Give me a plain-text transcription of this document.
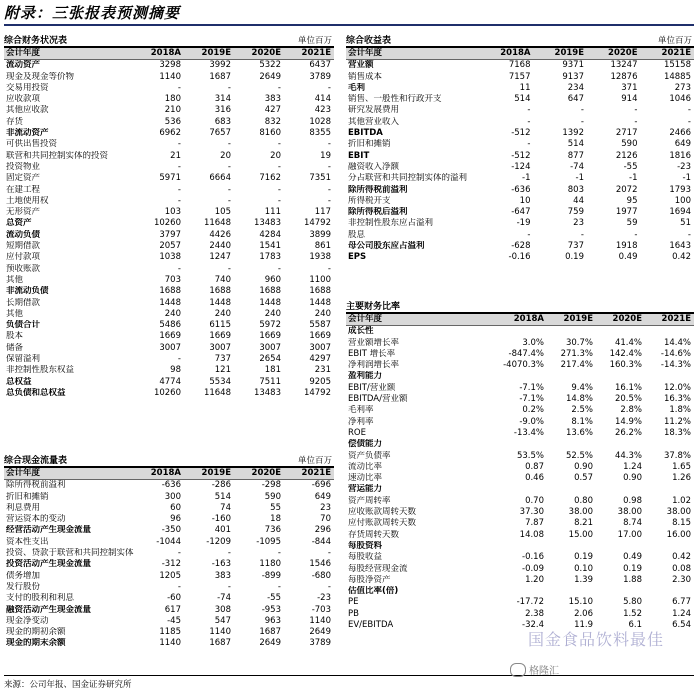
附录：三张报表预测摘要
综合财务状况表	单位百万
会计年度	2018A	2019E	2020E	2021E
流动资产	3298	3992	5322	6437
现金及现金等价物	1140	1687	2649	3789
交易用投资	-	-	-	-
应收款项	180	314	383	414
其他应收款	210	316	427	423
存货	536	683	832	1028
非流动资产	6962	7657	8160	8355
可供出售投资	-	-	-	-
联营和共同控制实体的投资	21	20	20	19
投资物业	-	-	-	-
固定资产	5971	6664	7162	7351
在建工程	-	-	-	-
土地使用权	-	-	-	-
无形资产	103	105	111	117
总资产	10260	11648	13483	14792
流动负债	3797	4426	4284	3899
短期借款	2057	2440	1541	861
应付款项	1038	1247	1783	1938
预收账款	-	-	-	-
其他	703	740	960	1100
非流动负债	1688	1688	1688	1688
长期借款	1448	1448	1448	1448
其他	240	240	240	240
负债合计	5486	6115	5972	5587
股本	1669	1669	1669	1669
储备	3007	3007	3007	3007
保留溢利	-	737	2654	4297
非控制性股东权益	98	121	181	231
总权益	4774	5534	7511	9205
总负债和总权益	10260	11648	13483	14792
综合现金流量表	单位百万
会计年度	2018A	2019E	2020E	2021E
除所得税前溢利	-636	-286	-298	-696
折旧和摊销	300	514	590	649
利息费用	60	74	55	23
营运资本的变动	96	-160	18	70
经营活动产生现金流量	-350	401	736	296
资本性支出	-1044	-1209	-1095	-844
投资、贷款于联营和共同控制实体	-	-	-	-
投资活动产生现金流量	-312	-163	1180	1546
债务增加	1205	383	-899	-680
发行股份	-	-	-	-
支付的股利和利息	-60	-74	-55	-23
融资活动产生现金流量	617	308	-953	-703
现金净变动	-45	547	963	1140
现金的期初余额	1185	1140	1687	2649
现金的期末余额	1140	1687	2649	3789
综合收益表	单位百万
会计年度	2018A	2019E	2020E	2021E
营业额	7168	9371	13247	15158
销售成本	7157	9137	12876	14885
毛利	11	234	371	273
销售、一般性和行政开支	514	647	914	1046
研究发展费用	-	-	-	-
其他营业收入	-	-	-	-
EBITDA	-512	1392	2717	2466
折旧和摊销	-	514	590	649
EBIT	-512	877	2126	1816
融资收入净额	-124	-74	-55	-23
分占联营和共同控制实体的溢利	-1	-1	-1	-1
除所得税前溢利	-636	803	2072	1793
所得税开支	10	44	95	100
除所得税后溢利	-647	759	1977	1694
非控制性股东应占溢利	-19	23	59	51
股息	-	-	-	-
母公司股东应占溢利	-628	737	1918	1643
EPS	-0.16	0.19	0.49	0.42
主要财务比率
会计年度	2018A	2019E	2020E	2021E
成长性				
营业额增长率	3.0%	30.7%	41.4%	14.4%
EBIT 增长率	-847.4%	271.3%	142.4%	-14.6%
净利润增长率	-4070.3%	217.4%	160.3%	-14.3%
盈利能力				
EBIT/营业额	-7.1%	9.4%	16.1%	12.0%
EBITDA/营业额	-7.1%	14.8%	20.5%	16.3%
毛利率	0.2%	2.5%	2.8%	1.8%
净利率	-9.0%	8.1%	14.9%	11.2%
ROE	-13.4%	13.6%	26.2%	18.3%
偿债能力				
资产负债率	53.5%	52.5%	44.3%	37.8%
流动比率	0.87	0.90	1.24	1.65
速动比率	0.46	0.57	0.90	1.26
营运能力				
资产周转率	0.70	0.80	0.98	1.02
应收账款周转天数	37.30	38.00	38.00	38.00
应付账款周转天数	7.87	8.21	8.74	8.15
存货周转天数	14.08	15.00	17.00	16.00
每股资料				
每股收益	-0.16	0.19	0.49	0.42
每股经营现金流	-0.09	0.10	0.19	0.08
每股净资产	1.20	1.39	1.88	2.30
估值比率(倍)				
PE	-17.72	15.10	5.80	6.77
PB	2.38	2.06	1.52	1.24
EV/EBITDA	-32.4	11.9	6.1	6.54
国金食品饮料最佳
来源：公司年报、国金证券研究所
格隆汇
